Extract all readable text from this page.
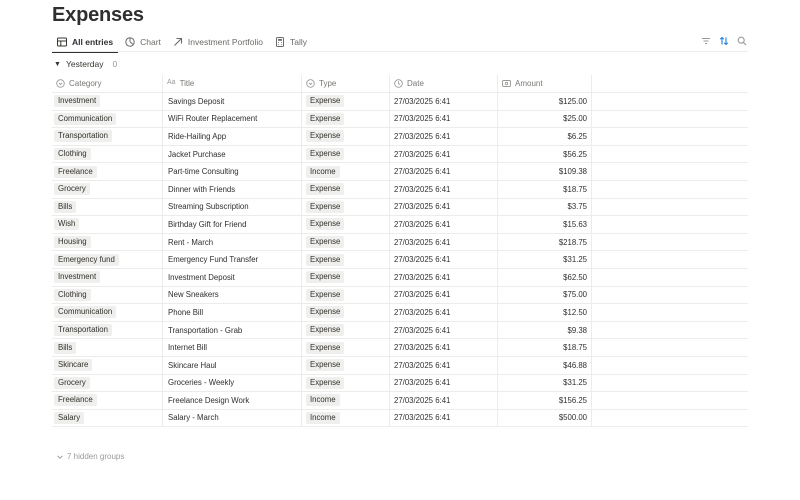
Expenses
All entries	Chart	Investment Portfolio	Tally
▼ Yesterday 0
Category	Aa Title	Type	Date	Amount
Investment	Savings Deposit	Expense	27/03/2025 6:41	$125.00
Communication	WiFi Router Replacement	Expense	27/03/2025 6:41	$25.00
Transportation	Ride-Hailing App	Expense	27/03/2025 6:41	$6.25
Clothing	Jacket Purchase	Expense	27/03/2025 6:41	$56.25
Freelance	Part-time Consulting	Income	27/03/2025 6:41	$109.38
Grocery	Dinner with Friends	Expense	27/03/2025 6:41	$18.75
Bills	Streaming Subscription	Expense	27/03/2025 6:41	$3.75
Wish	Birthday Gift for Friend	Expense	27/03/2025 6:41	$15.63
Housing	Rent - March	Expense	27/03/2025 6:41	$218.75
Emergency fund	Emergency Fund Transfer	Expense	27/03/2025 6:41	$31.25
Investment	Investment Deposit	Expense	27/03/2025 6:41	$62.50
Clothing	New Sneakers	Expense	27/03/2025 6:41	$75.00
Communication	Phone Bill	Expense	27/03/2025 6:41	$12.50
Transportation	Transportation - Grab	Expense	27/03/2025 6:41	$9.38
Bills	Internet Bill	Expense	27/03/2025 6:41	$18.75
Skincare	Skincare Haul	Expense	27/03/2025 6:41	$46.88
Grocery	Groceries - Weekly	Expense	27/03/2025 6:41	$31.25
Freelance	Freelance Design Work	Income	27/03/2025 6:41	$156.25
Salary	Salary - March	Income	27/03/2025 6:41	$500.00
7 hidden groups
